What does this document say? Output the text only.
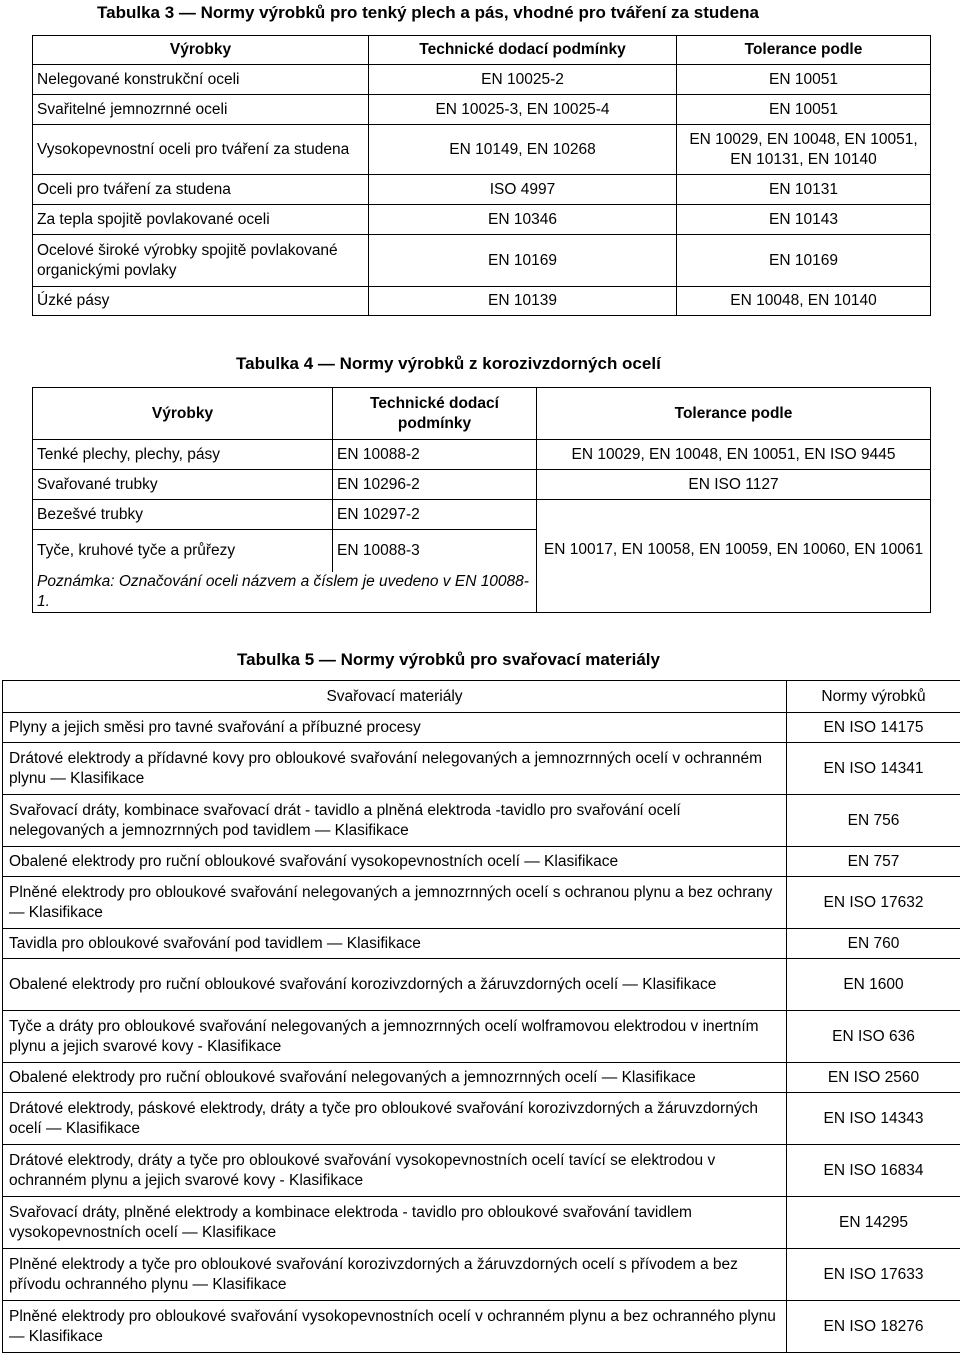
Tabulka 3 — Normy výrobků pro tenký plech a pás, vhodné pro tváření za studena
Výrobky	Technické dodací podmínky	Tolerance podle
Nelegované konstrukční oceli	EN 10025-2	EN 10051
Svařitelné jemnozrnné oceli	EN 10025-3, EN 10025-4	EN 10051
Vysokopevnostní oceli pro tváření za studena	EN 10149, EN 10268	EN 10029, EN 10048, EN 10051, EN 10131, EN 10140
Oceli pro tváření za studena	ISO 4997	EN 10131
Za tepla spojitě povlakované oceli	EN 10346	EN 10143
Ocelové široké výrobky spojitě povlakované organickými povlaky	EN 10169	EN 10169
Úzké pásy	EN 10139	EN 10048, EN 10140
Tabulka 4 — Normy výrobků z korozivzdorných ocelí
Výrobky	Technické dodací podmínky	Tolerance podle
Tenké plechy, plechy, pásy	EN 10088-2	EN 10029, EN 10048, EN 10051, EN ISO 9445
Svařované trubky	EN 10296-2	EN ISO 1127
Bezešvé trubky	EN 10297-2	EN 10017, EN 10058, EN 10059, EN 10060, EN 10061
Tyče, kruhové tyče a průřezy	EN 10088-3	
Poznámka: Označování oceli názvem a číslem je uvedeno v EN 10088-1.		
Tabulka 5 — Normy výrobků pro svařovací materiály
Svařovací materiály	Normy výrobků
Plyny a jejich směsi pro tavné svařování a příbuzné procesy	EN ISO 14175
Drátové elektrody a přídavné kovy pro obloukové svařování nelegovaných a jemnozrnných ocelí v ochranném plynu — Klasifikace	EN ISO 14341
Svařovací dráty, kombinace svařovací drát - tavidlo a plněná elektroda -tavidlo pro svařování ocelí nelegovaných a jemnozrnných pod tavidlem — Klasifikace	EN 756
Obalené elektrody pro ruční obloukové svařování vysokopevnostních ocelí — Klasifikace	EN 757
Plněné elektrody pro obloukové svařování nelegovaných a jemnozrnných ocelí s ochranou plynu a bez ochrany — Klasifikace	EN ISO 17632
Tavidla pro obloukové svařování pod tavidlem — Klasifikace	EN 760
Obalené elektrody pro ruční obloukové svařování korozivzdorných a žáruvzdorných ocelí — Klasifikace	EN 1600
Tyče a dráty pro obloukové svařování nelegovaných a jemnozrnných ocelí wolframovou elektrodou v inertním plynu a jejich svarové kovy - Klasifikace	EN ISO 636
Obalené elektrody pro ruční obloukové svařování nelegovaných a jemnozrnných ocelí — Klasifikace	EN ISO 2560
Drátové elektrody, páskové elektrody, dráty a tyče pro obloukové svařování korozivzdorných a žáruvzdorných ocelí — Klasifikace	EN ISO 14343
Drátové elektrody, dráty a tyče pro obloukové svařování vysokopevnostních ocelí tavící se elektrodou v ochranném plynu a jejich svarové kovy - Klasifikace	EN ISO 16834
Svařovací dráty, plněné elektrody a kombinace elektroda - tavidlo pro obloukové svařování tavidlem vysokopevnostních ocelí — Klasifikace	EN 14295
Plněné elektrody a tyče pro obloukové svařování korozivzdorných a žáruvzdorných ocelí s přívodem a bez přívodu ochranného plynu — Klasifikace	EN ISO 17633
Plněné elektrody pro obloukové svařování vysokopevnostních ocelí v ochranném plynu a bez ochranného plynu — Klasifikace	EN ISO 18276
